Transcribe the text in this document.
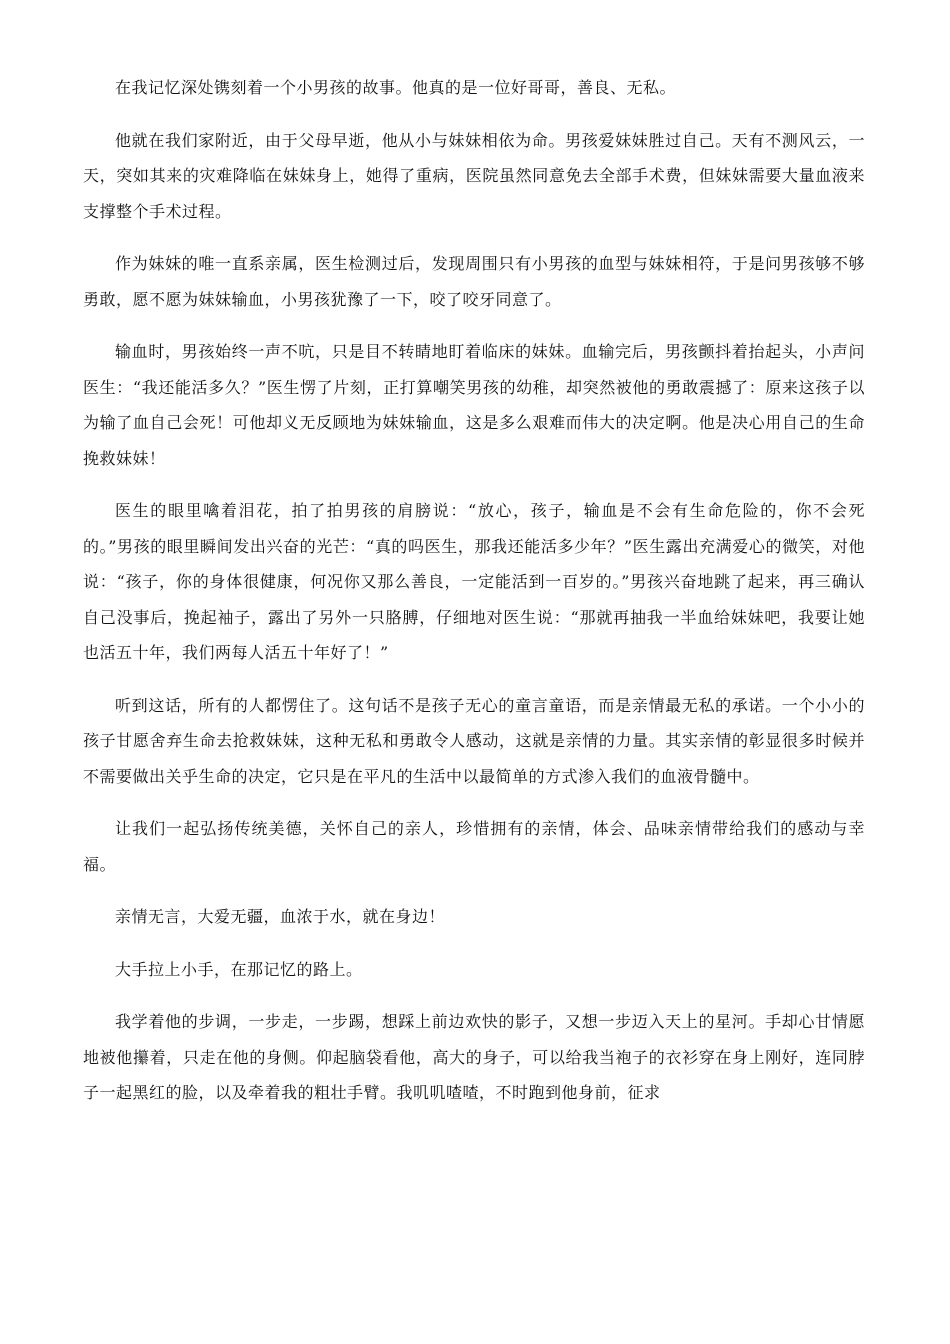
在我记忆深处镌刻着一个小男孩的故事。他真的是一位好哥哥，善良、无私。

他就在我们家附近，由于父母早逝，他从小与妹妹相依为命。男孩爱妹妹胜过自己。天有不测风云，一天，突如其来的灾难降临在妹妹身上，她得了重病，医院虽然同意免去全部手术费，但妹妹需要大量血液来支撑整个手术过程。

作为妹妹的唯一直系亲属，医生检测过后，发现周围只有小男孩的血型与妹妹相符，于是问男孩够不够勇敢，愿不愿为妹妹输血，小男孩犹豫了一下，咬了咬牙同意了。

输血时，男孩始终一声不吭，只是目不转睛地盯着临床的妹妹。血输完后，男孩颤抖着抬起头，小声问医生：“我还能活多久？”医生愣了片刻，正打算嘲笑男孩的幼稚，却突然被他的勇敢震撼了：原来这孩子以为输了血自己会死！可他却义无反顾地为妹妹输血，这是多么艰难而伟大的决定啊。他是决心用自己的生命挽救妹妹！

医生的眼里噙着泪花，拍了拍男孩的肩膀说：“放心，孩子，输血是不会有生命危险的，你不会死的。”男孩的眼里瞬间发出兴奋的光芒：“真的吗医生，那我还能活多少年？”医生露出充满爱心的微笑，对他说：“孩子，你的身体很健康，何况你又那么善良，一定能活到一百岁的。”男孩兴奋地跳了起来，再三确认自己没事后，挽起袖子，露出了另外一只胳膊，仔细地对医生说：“那就再抽我一半血给妹妹吧，我要让她也活五十年，我们两每人活五十年好了！”

听到这话，所有的人都愣住了。这句话不是孩子无心的童言童语，而是亲情最无私的承诺。一个小小的孩子甘愿舍弃生命去抢救妹妹，这种无私和勇敢令人感动，这就是亲情的力量。其实亲情的彰显很多时候并不需要做出关乎生命的决定，它只是在平凡的生活中以最简单的方式渗入我们的血液骨髓中。

让我们一起弘扬传统美德，关怀自己的亲人，珍惜拥有的亲情，体会、品味亲情带给我们的感动与幸福。

亲情无言，大爱无疆，血浓于水，就在身边！

大手拉上小手，在那记忆的路上。

我学着他的步调，一步走，一步踢，想踩上前边欢快的影子，又想一步迈入天上的星河。手却心甘情愿地被他攥着，只走在他的身侧。仰起脑袋看他，高大的身子，可以给我当袍子的衣衫穿在身上刚好，连同脖子一起黑红的脸，以及牵着我的粗壮手臂。我叽叽喳喳，不时跑到他身前，征求
